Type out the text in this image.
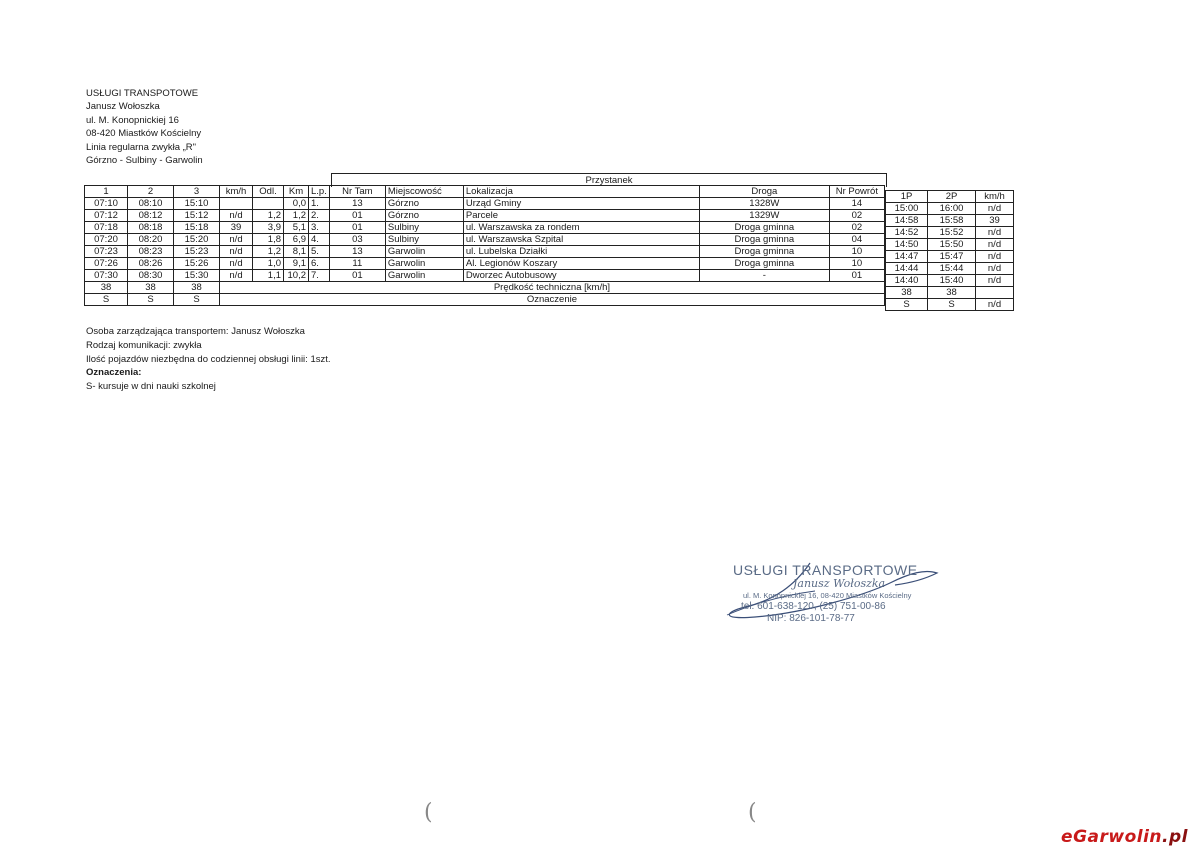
USŁUGI TRANSPOTOWE
Janusz Wołoszka
ul. M. Konopnickiej 16
08-420 Miastków Kościelny
Linia regularna zwykła „R"
Górzno - Sulbiny - Garwolin
Przystanek
1	2	3	km/h	Odl.	Km	L.p.	Nr Tam	Miejscowość	Lokalizacja	Droga	Nr Powrót
07:10	08:10	15:10			0,0	1.	13	Górzno	Urząd Gminy	1328W	14
07:12	08:12	15:12	n/d	1,2	1,2	2.	01	Górzno	Parcele	1329W	02
07:18	08:18	15:18	39	3,9	5,1	3.	01	Sulbiny	ul. Warszawska za rondem	Droga gminna	02
07:20	08:20	15:20	n/d	1,8	6,9	4.	03	Sulbiny	ul. Warszawska Szpital	Droga gminna	04
07:23	08:23	15:23	n/d	1,2	8,1	5.	13	Garwolin	ul. Lubelska Działki	Droga gminna	10
07:26	08:26	15:26	n/d	1,0	9,1	6.	11	Garwolin	Al. Legionów Koszary	Droga gminna	10
07:30	08:30	15:30	n/d	1,1	10,2	7.	01	Garwolin	Dworzec Autobusowy	-	01
38	38	38	Prędkość techniczna [km/h]								
S	S	S	Oznaczenie								
1P	2P	km/h
15:00	16:00	n/d
14:58	15:58	39
14:52	15:52	n/d
14:50	15:50	n/d
14:47	15:47	n/d
14:44	15:44	n/d
14:40	15:40	n/d
38	38	
S	S	n/d
Osoba zarządzająca transportem: Janusz Wołoszka
Rodzaj komunikacji: zwykła
Ilość pojazdów niezbędna do codziennej obsługi linii: 1szt.
Oznaczenia:
S- kursuje w dni nauki szkolnej
USŁUGI TRANSPORTOWE
Janusz Wołoszka
ul. M. Konopnickiej 16, 08-420 Miastków Kościelny
tel. 601-638-120, (25) 751-00-86
NIP: 826-101-78-77
(	(
eGarwolin.pl
